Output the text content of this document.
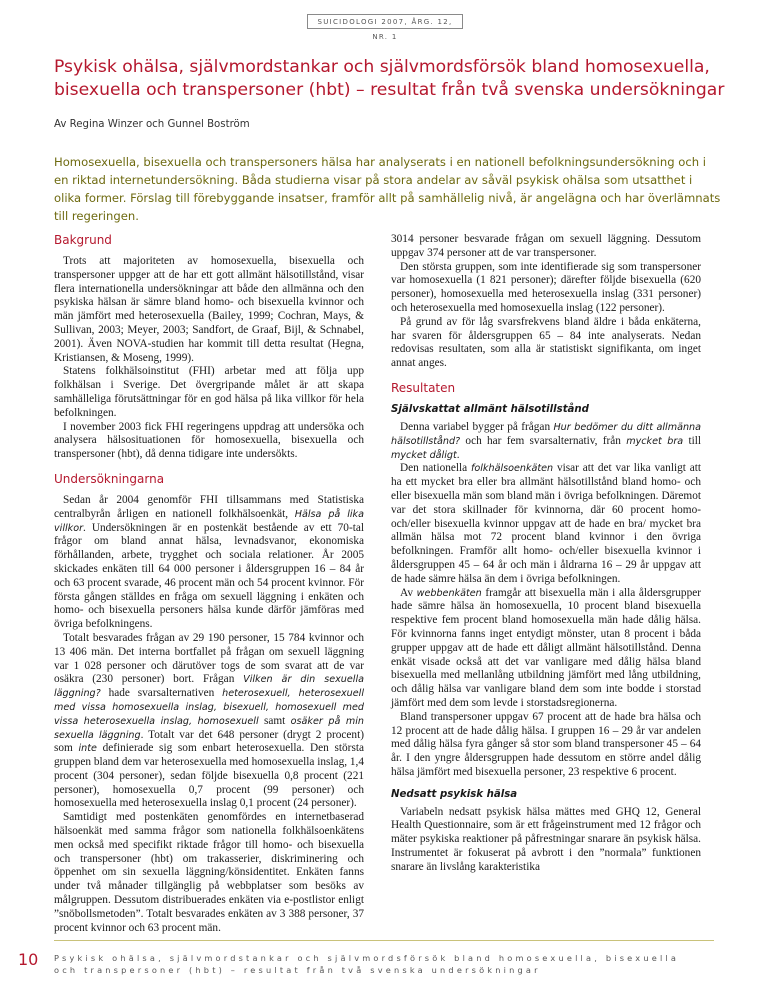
SUICIDOLOGI 2007, ÅRG. 12, NR. 1
Psykisk ohälsa, självmordstankar och självmordsförsök bland homosexuella, bisexuella och transpersoner (hbt) – resultat från två svenska undersökningar

Av Regina Winzer och Gunnel Boström

Homosexuella, bisexuella och transpersoners hälsa har analyserats i en nationell befolkningsundersökning och i en riktad internetundersökning. Båda studierna visar på stora andelar av såväl psykisk ohälsa som utsatthet i olika former. Förslag till förebyggande insatser, framför allt på samhällelig nivå, är angelägna och har överlämnats till regeringen.

Bakgrund

Trots att majoriteten av homosexuella, bisexuella och transpersoner uppger att de har ett gott allmänt hälsotillstånd, visar flera internationella undersökningar att både den allmänna och den psykiska hälsan är sämre bland homo- och bisexuella kvinnor och män jämfört med heterosexuella (Bailey, 1999; Cochran, Mays, & Sullivan, 2003; Meyer, 2003; Sandfort, de Graaf, Bijl, & Schnabel, 2001). Även NOVA-studien har kommit till detta resultat (Hegna, Kristiansen, & Moseng, 1999).

Statens folkhälsoinstitut (FHI) arbetar med att följa upp folkhälsan i Sverige. Det övergripande målet är att skapa samhälleliga förutsättningar för en god hälsa på lika villkor för hela befolkningen.

I november 2003 fick FHI regeringens uppdrag att undersöka och analysera hälsosituationen för homosexuella, bisexuella och transpersoner (hbt), då denna tidigare inte undersökts.

Undersökningarna

Sedan år 2004 genomför FHI tillsammans med Statistiska centralbyrån årligen en nationell folkhälsoenkät, Hälsa på lika villkor. Undersökningen är en postenkät bestående av ett 70-tal frågor om bland annat hälsa, levnadsvanor, ekonomiska förhållanden, arbete, trygghet och sociala relationer. År 2005 skickades enkäten till 64 000 personer i åldersgruppen 16 – 84 år och 63 procent svarade, 46 procent män och 54 procent kvinnor. För första gången ställdes en fråga om sexuell läggning i enkäten och homo- och bisexuella personers hälsa kunde därför jämföras med övriga befolkningens.

Totalt besvarades frågan av 29 190 personer, 15 784 kvinnor och 13 406 män. Det interna bortfallet på frågan om sexuell läggning var 1 028 personer och därutöver togs de som svarat att de var osäkra (230 personer) bort. Frågan Vilken är din sexuella läggning? hade svarsalternativen heterosexuell, heterosexuell med vissa homosexuella inslag, bisexuell, homosexuell med vissa heterosexuella inslag, homosexuell samt osäker på min sexuella läggning. Totalt var det 648 personer (drygt 2 procent) som inte definierade sig som enbart heterosexuella. Den största gruppen bland dem var heterosexuella med homosexuella inslag, 1,4 procent (304 personer), sedan följde bisexuella 0,8 procent (221 personer), homosexuella 0,7 procent (99 personer) och homosexuella med heterosexuella inslag 0,1 procent (24 personer).

Samtidigt med postenkäten genomfördes en internetbaserad hälsoenkät med samma frågor som nationella folkhälsoenkätens men också med specifikt riktade frågor till homo- och bisexuella och transpersoner (hbt) om trakasserier, diskriminering och öppenhet om sin sexuella läggning/könsidentitet. Enkäten fanns under två månader tillgänglig på webbplatser som besöks av målgruppen. Dessutom distribuerades enkäten via e-postlistor enligt ”snöbollsmetoden”. Totalt besvarades enkäten av 3 388 personer, 37 procent kvinnor och 63 procent män.

3014 personer besvarade frågan om sexuell läggning. Dessutom uppgav 374 personer att de var transpersoner.

Den största gruppen, som inte identifierade sig som transpersoner var homosexuella (1 821 personer); därefter följde bisexuella (620 personer), homosexuella med heterosexuella inslag (331 personer) och heterosexuella med homosexuella inslag (122 personer).

På grund av för låg svarsfrekvens bland äldre i båda enkäterna, har svaren för åldersgruppen 65 – 84 inte analyserats. Nedan redovisas resultaten, som alla är statistiskt signifikanta, om inget annat anges.

Resultaten
Självskattat allmänt hälsotillstånd

Denna variabel bygger på frågan Hur bedömer du ditt allmänna hälsotillstånd? och har fem svarsalternativ, från mycket bra till mycket dåligt.

Den nationella folkhälsoenkäten visar att det var lika vanligt att ha ett mycket bra eller bra allmänt hälsotillstånd bland homo- och eller bisexuella män som bland män i övriga befolkningen. Däremot var det stora skillnader för kvinnorna, där 60 procent homo- och/eller bisexuella kvinnor uppgav att de hade en bra/ mycket bra allmän hälsa mot 72 procent bland kvinnor i den övriga befolkningen. Framför allt homo- och/eller bisexuella kvinnor i åldersgruppen 45 – 64 år och män i åldrarna 16 – 29 år uppgav att de hade sämre hälsa än dem i övriga befolkningen.

Av webbenkäten framgår att bisexuella män i alla åldersgrupper hade sämre hälsa än homosexuella, 10 procent bland bisexuella respektive fem procent bland homosexuella män hade dålig hälsa. För kvinnorna fanns inget entydigt mönster, utan 8 procent i båda grupper uppgav att de hade ett dåligt allmänt hälsotillstånd. Denna enkät visade också att det var vanligare med dålig hälsa bland bisexuella med mellanlång utbildning jämfört med lång utbildning, och dålig hälsa var vanligare bland dem som inte bodde i storstad jämfört med dem som levde i storstadsregionerna.

Bland transpersoner uppgav 67 procent att de hade bra hälsa och 12 procent att de hade dålig hälsa. I gruppen 16 – 29 år var andelen med dålig hälsa fyra gånger så stor som bland transpersoner 45 – 64 år. I den yngre åldersgruppen hade dessutom en större andel dålig hälsa jämfört med bisexuella personer, 23 respektive 6 procent.

Nedsatt psykisk hälsa

Variabeln nedsatt psykisk hälsa mättes med GHQ 12, General Health Questionnaire, som är ett frågeinstrument med 12 frågor och mäter psykiska reaktioner på påfrestningar snarare än psykisk hälsa. Instrumentet är fokuserat på avbrott i den ”normala” funktionen snarare än livslång karakteristika

10 Psykisk ohälsa, självmordstankar och självmordsförsök bland homosexuella, bisexuella och transpersoner (hbt) – resultat från två svenska undersökningar
